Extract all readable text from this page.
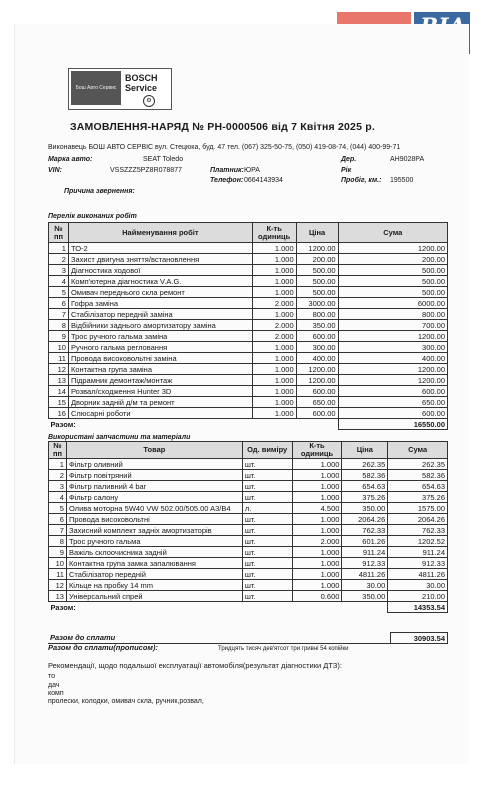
Бош Авто Сервис
BOSCH
Service
⚙
ЗАМОВЛЕННЯ-НАРЯД № РН-0000506 від 7 Квітня 2025 р.
Виконавець БОШ АВТО СЕРВІС вул. Стецюка, буд. 47 тел. (067) 325-50-75, (050) 419-08-74, (044) 400-99-71
Марка авто:	SEAT Toledo	Дер.	АН9028РА
VIN:	VSSZZZ5PZ8R078877	Платник: ЮРА	Рік
Телефон: 0664143934	Пробіг, км.: 195500
Причина звернення:
Перелік виконаних робіт
№ пп	Найменування робіт	К-ть одиниць	Ціна	Сума
1	ТО-2	1.000	1200.00	1200.00
2	Захист двигуна зняття/встановлення	1.000	200.00	200.00
3	Діагностика ходової	1.000	500.00	500.00
4	Комп'ютерна діагностика V.A.G.	1.000	500.00	500.00
5	Омивач переднього скла ремонт	1.000	500.00	500.00
6	Гофра заміна	2.000	3000.00	6000.00
7	Стабілізатор передній заміна	1.000	800.00	800.00
8	Відбійники заднього амортизатору заміна	2.000	350.00	700.00
9	Трос ручного гальма заміна	2.000	600.00	1200.00
10	Ручного гальма регловання	1.000	300.00	300.00
11	Провода високовольтні заміна	1.000	400.00	400.00
12	Контактна група заміна	1.000	1200.00	1200.00
13	Підрамник демонтаж/монтаж	1.000	1200.00	1200.00
14	Розвал/сходження Hunter 3D	1.000	600.00	600.00
15	Дворник задній д/м та ремонт	1.000	650.00	650.00
16	Слюсарні роботи	1.000	600.00	600.00
Разом:				16550.00
Використані запчастини та матеріали
№ пп	Товар	Од. виміру	К-ть одиниць	Ціна	Сума
1	Фільтр оливний	шт.	1.000	262.35	262.35
2	Фільтр повітряний	шт.	1.000	582.36	582.36
3	Фільтр паливний 4 bar	шт.	1.000	654.63	654.63
4	Фільтр салону	шт.	1.000	375.26	375.26
5	Олива моторна 5W40 VW 502.00/505.00 A3/B4	л.	4.500	350.00	1575.00
6	Провода високовольтні	шт.	1.000	2064.26	2064.26
7	Захисний комплект задніх амортизаторів	шт.	1.000	762.33	762.33
8	Трос ручного гальма	шт.	2.000	601.26	1202.52
9	Важіль склоочисника задній	шт.	1.000	911.24	911.24
10	Контактна група замка запалювання	шт.	1.000	912.33	912.33
11	Стабілізатор передній	шт.	1.000	4811.26	4811.26
12	Кільце на пробку 14 mm	шт.	1.000	30.00	30.00
13	Універсальний спрей	шт.	0.600	350.00	210.00
Разом:					14353.54
Разом до сплати	30903.54
Разом до сплати(прописом):	Тридцять тисяч дев'ятсот три гривні 54 копійки
Рекомендації, щодо подальшої експлуатації автомобіля(результат діагностики ДТЗ):
то
дач
комп
пролески, колодки, омивач скла, ручник,розвал,
